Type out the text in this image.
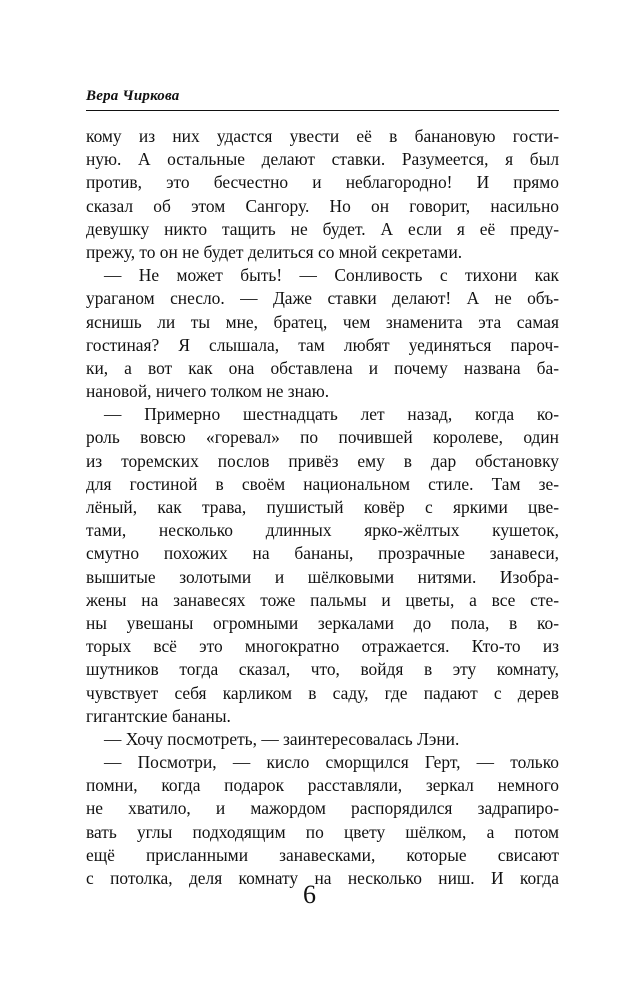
Вера Чиркова
кому из них удастся увести её в банановую гости-
ную. А остальные делают ставки. Разумеется, я был
против, это бесчестно и неблагородно! И прямо
сказал об этом Сангору. Но он говорит, насильно
девушку никто тащить не будет. А если я её преду-
прежу, то он не будет делиться со мной секретами.
— Не может быть! — Сонливость с тихони как
ураганом снесло. — Даже ставки делают! А не объ-
яснишь ли ты мне, братец, чем знаменита эта самая
гостиная? Я слышала, там любят уединяться пароч-
ки, а вот как она обставлена и почему названа ба-
нановой, ничего толком не знаю.
— Примерно шестнадцать лет назад, когда ко-
роль вовсю «горевал» по почившей королеве, один
из торемских послов привёз ему в дар обстановку
для гостиной в своём национальном стиле. Там зе-
лёный, как трава, пушистый ковёр с яркими цве-
тами, несколько длинных ярко-жёлтых кушеток,
смутно похожих на бананы, прозрачные занавеси,
вышитые золотыми и шёлковыми нитями. Изобра-
жены на занавесях тоже пальмы и цветы, а все сте-
ны увешаны огромными зеркалами до пола, в ко-
торых всё это многократно отражается. Кто-то из
шутников тогда сказал, что, войдя в эту комнату,
чувствует себя карликом в саду, где падают с дерев
гигантские бананы.
— Хочу посмотреть, — заинтересовалась Лэни.
— Посмотри, — кисло сморщился Герт, — только
помни, когда подарок расставляли, зеркал немного
не хватило, и мажордом распорядился задрапиро-
вать углы подходящим по цвету шёлком, а потом
ещё присланными занавесками, которые свисают
с потолка, деля комнату на несколько ниш. И когда
6
